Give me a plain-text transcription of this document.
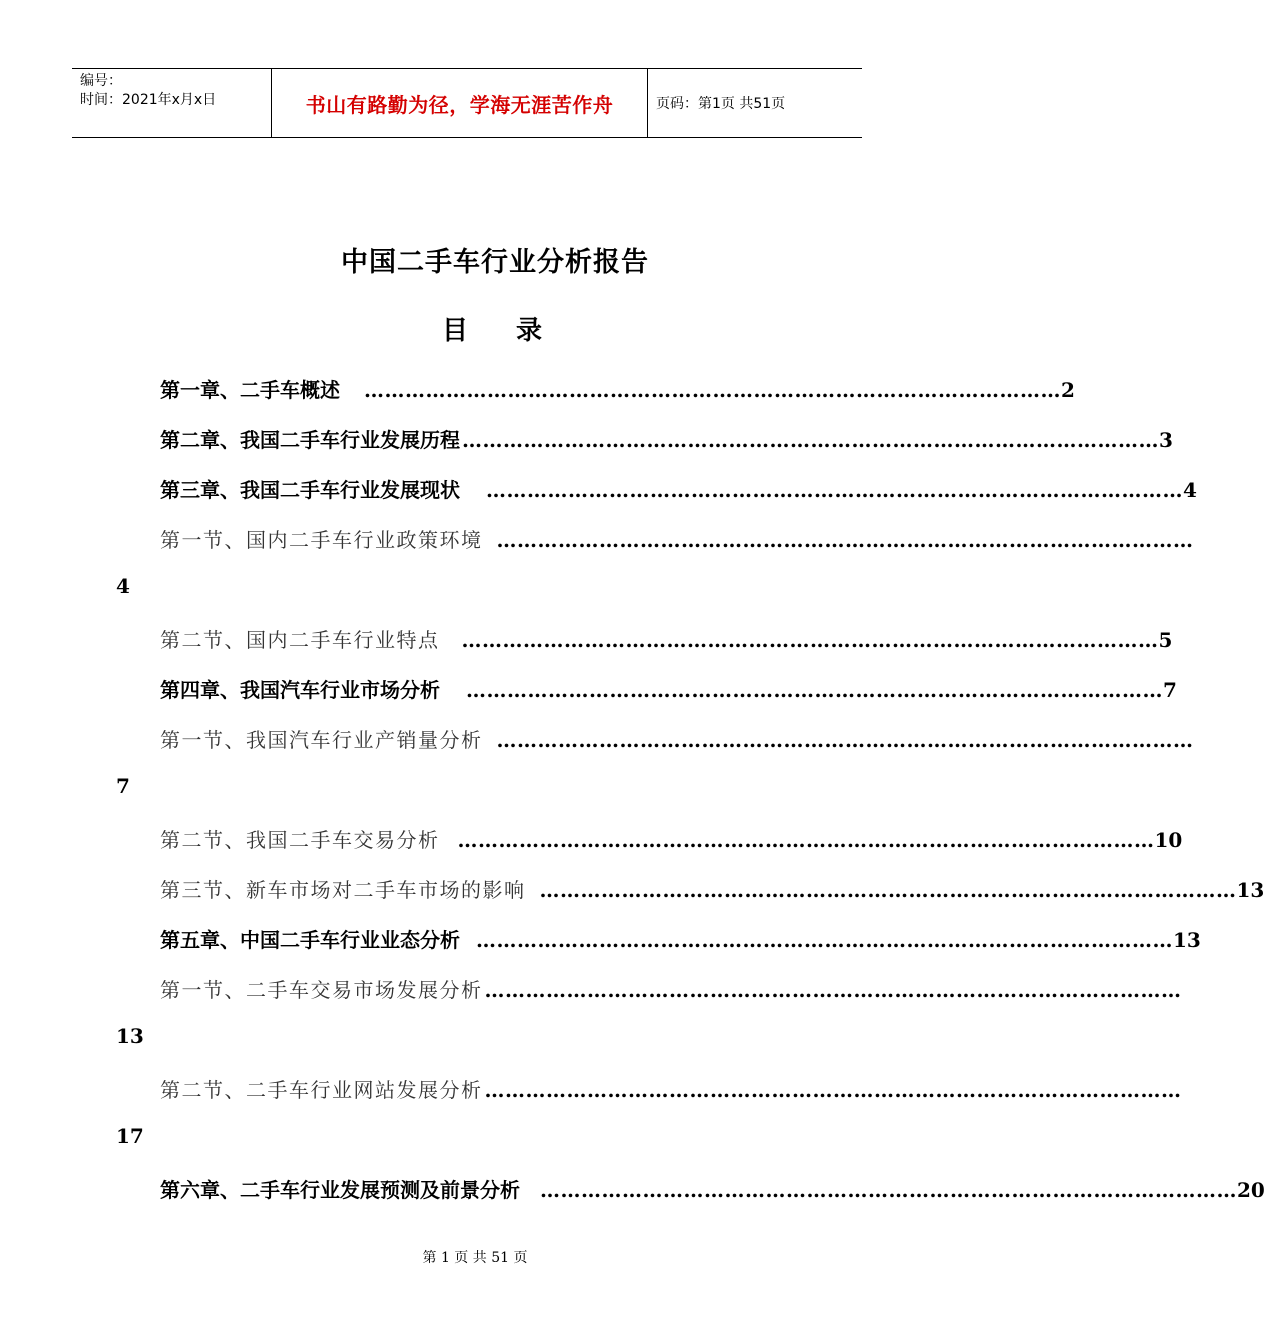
编号：
时间：2021年x月x日	书山有路勤为径，学海无涯苦作舟	页码：第1页 共51页
中国二手车行业分析报告
目 录
第一章、二手车概述	………………………………………………………………………………………… 2
第二章、我国二手车行业发展历程 ………………………………………………………………………………………… 3
第三章、我国二手车行业发展现状	………………………………………………………………………………………… 4
第一节、国内二手车行业政策环境 …………………………………………………………………………………………
4
第二节、国内二手车行业特点	………………………………………………………………………………………… 5
第四章、我国汽车行业市场分析	………………………………………………………………………………………… 7
第一节、我国汽车行业产销量分析 …………………………………………………………………………………………
7
第二节、我国二手车交易分析 ………………………………………………………………………………………… 10
第三节、新车市场对二手车市场的影响 ………………………………………………………………………………………… 13
第五章、中国二手车行业业态分析 ………………………………………………………………………………………… 13
第一节、二手车交易市场发展分析 …………………………………………………………………………………………
13
第二节、二手车行业网站发展分析 …………………………………………………………………………………………
17
第六章、二手车行业发展预测及前景分析	………………………………………………………………………………………… 20
第 1 页 共 51 页
